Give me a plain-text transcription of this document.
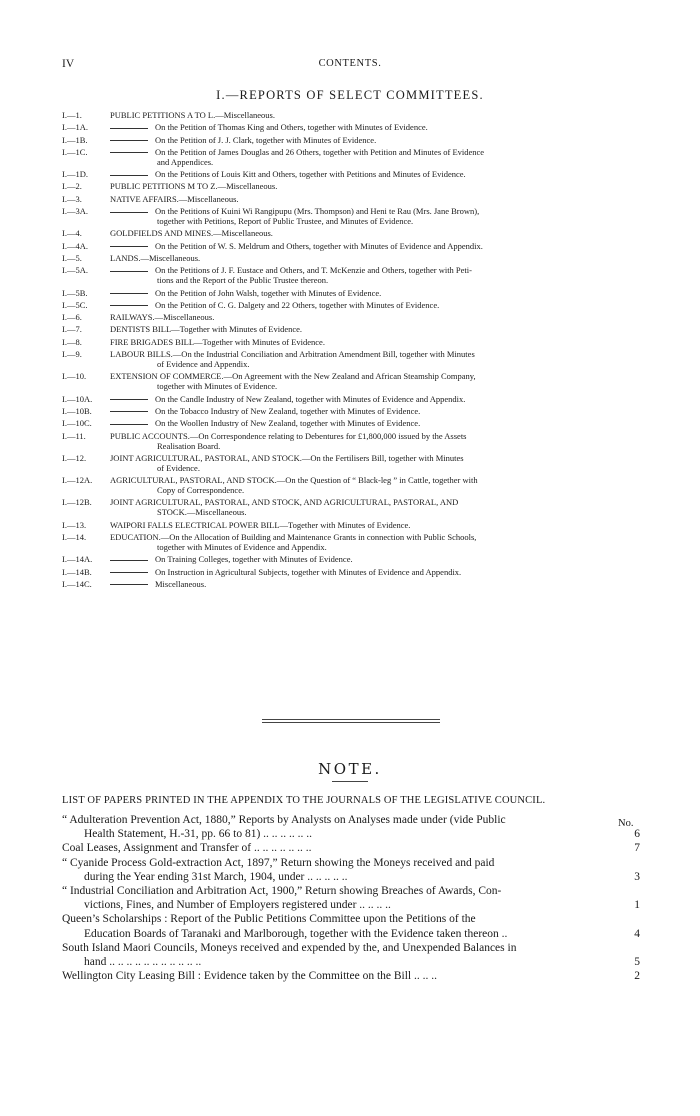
IV	CONTENTS.
I.—REPORTS OF SELECT COMMITTEES.
I.—1.	PUBLIC PETITIONS A TO L.—Miscellaneous.
I.—1A.	On the Petition of Thomas King and Others, together with Minutes of Evidence.
I.—1B.	On the Petition of J. J. Clark, together with Minutes of Evidence.
I.—1C.	On the Petition of James Douglas and 26 Others, together with Petition and Minutes of Evidence
and Appendices.
I.—1D.	On the Petitions of Louis Kitt and Others, together with Petitions and Minutes of Evidence.
I.—2.	PUBLIC PETITIONS M TO Z.—Miscellaneous.
I.—3.	NATIVE AFFAIRS.—Miscellaneous.
I.—3A.	On the Petitions of Kuini Wi Rangipupu (Mrs. Thompson) and Heni te Rau (Mrs. Jane Brown),
together with Petitions, Report of Public Trustee, and Minutes of Evidence.
I.—4.	GOLDFIELDS AND MINES.—Miscellaneous.
I.—4A.	On the Petition of W. S. Meldrum and Others, together with Minutes of Evidence and Appendix.
I.—5.	LANDS.—Miscellaneous.
I.—5A.	On the Petitions of J. F. Eustace and Others, and T. McKenzie and Others, together with Peti-
tions and the Report of the Public Trustee thereon.
I.—5B.	On the Petition of John Walsh, together with Minutes of Evidence.
I.—5C.	On the Petition of C. G. Dalgety and 22 Others, together with Minutes of Evidence.
I.—6.	RAILWAYS.—Miscellaneous.
I.—7.	DENTISTS BILL—Together with Minutes of Evidence.
I.—8.	FIRE BRIGADES BILL—Together with Minutes of Evidence.
I.—9.	LABOUR BILLS.—On the Industrial Conciliation and Arbitration Amendment Bill, together with Minutes
of Evidence and Appendix.
I.—10.	EXTENSION OF COMMERCE.—On Agreement with the New Zealand and African Steamship Company,
together with Minutes of Evidence.
I.—10A.	On the Candle Industry of New Zealand, together with Minutes of Evidence and Appendix.
I.—10B.	On the Tobacco Industry of New Zealand, together with Minutes of Evidence.
I.—10C.	On the Woollen Industry of New Zealand, together with Minutes of Evidence.
I.—11.	PUBLIC ACCOUNTS.—On Correspondence relating to Debentures for £1,800,000 issued by the Assets
Realisation Board.
I.—12.	JOINT AGRICULTURAL, PASTORAL, AND STOCK.—On the Fertilisers Bill, together with Minutes
of Evidence.
I.—12A. AGRICULTURAL, PASTORAL, AND STOCK.—On the Question of “ Black-leg ” in Cattle, together with
Copy of Correspondence.
I.—12B. JOINT AGRICULTURAL, PASTORAL, AND STOCK, AND AGRICULTURAL, PASTORAL, AND
STOCK.—Miscellaneous.
I.—13.	WAIPORI FALLS ELECTRICAL POWER BILL—Together with Minutes of Evidence.
I.—14.	EDUCATION.—On the Allocation of Building and Maintenance Grants in connection with Public Schools,
together with Minutes of Evidence and Appendix.
I.—14A.	On Training Colleges, together with Minutes of Evidence.
I.—14B.	On Instruction in Agricultural Subjects, together with Minutes of Evidence and Appendix.
I.—14C.	Miscellaneous.
NOTE.
LIST OF PAPERS PRINTED IN THE APPENDIX TO THE JOURNALS OF THE LEGISLATIVE COUNCIL.
No.
“ Adulteration Prevention Act, 1880,” Reports by Analysts on Analyses made under (vide Public
Health Statement, H.-31, pp. 66 to 81) .. .. .. .. .. ..	6
Coal Leases, Assignment and Transfer of .. .. .. .. .. .. ..	7
“ Cyanide Process Gold-extraction Act, 1897,” Return showing the Moneys received and paid
during the Year ending 31st March, 1904, under .. .. .. .. ..	3
“ Industrial Conciliation and Arbitration Act, 1900,” Return showing Breaches of Awards, Con-
victions, Fines, and Number of Employers registered under .. .. .. ..	1
Queen’s Scholarships : Report of the Public Petitions Committee upon the Petitions of the
Education Boards of Taranaki and Marlborough, together with the Evidence taken thereon ..	4
South Island Maori Councils, Moneys received and expended by the, and Unexpended Balances in
hand .. .. .. .. .. .. .. .. .. .. ..	5
Wellington City Leasing Bill : Evidence taken by the Committee on the Bill .. .. ..	2
